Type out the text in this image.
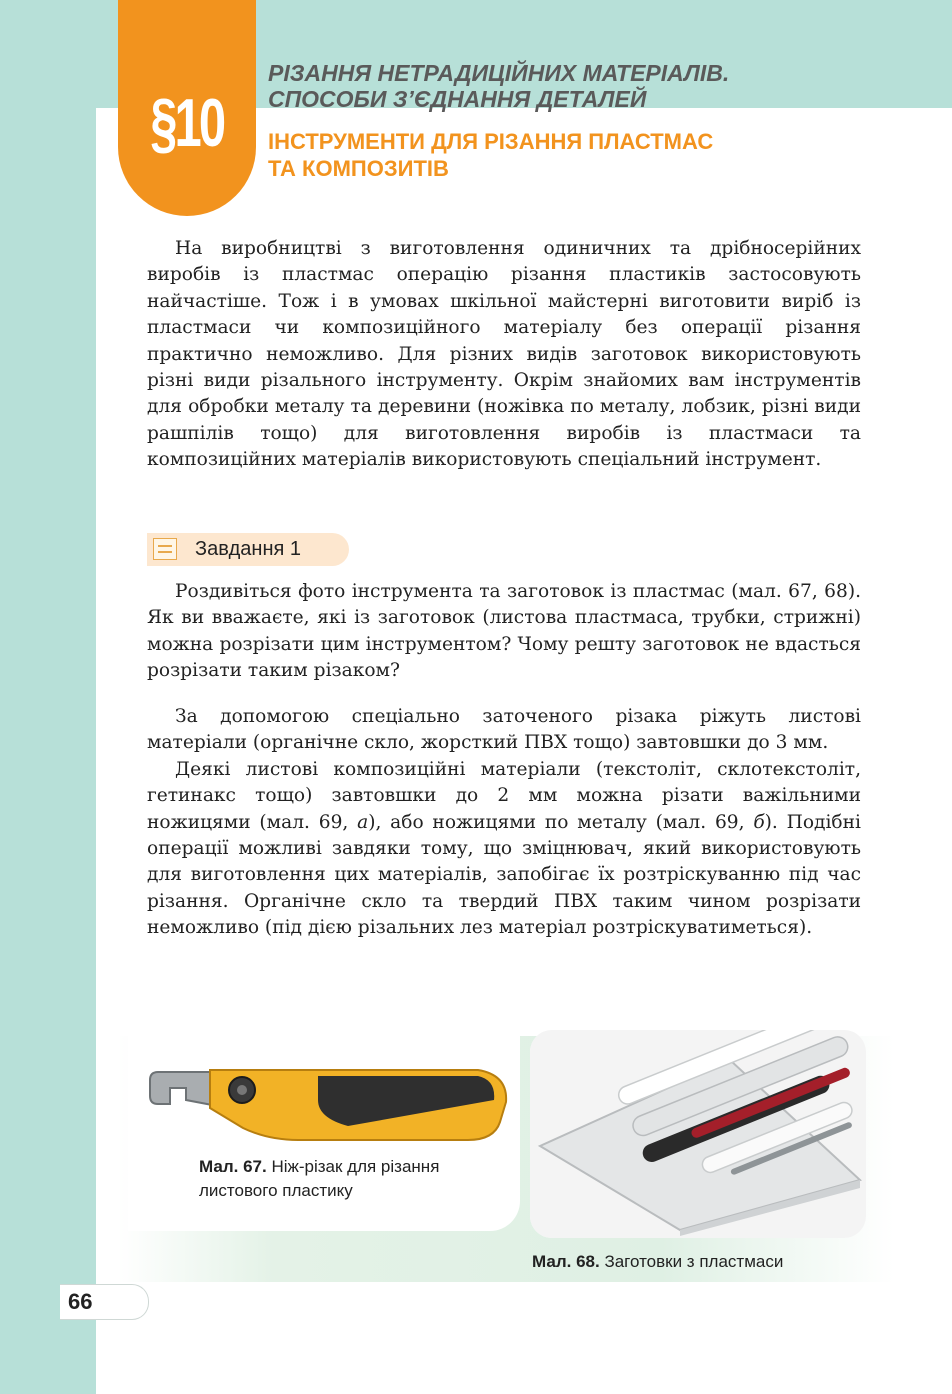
§10
РІЗАННЯ НЕТРАДИЦІЙНИХ МАТЕРІАЛІВ.
СПОСОБИ З’ЄДНАННЯ ДЕТАЛЕЙ
ІНСТРУМЕНТИ ДЛЯ РІЗАННЯ ПЛАСТМАС
ТА КОМПОЗИТІВ

На виробництві з виготовлення одиничних та дрібносерійних виробів із пластмас операцію різання пластиків застосовують найчастіше. Тож і в умовах шкільної майстерні виготовити виріб із пластмаси чи композиційного матеріалу без операції різання практично неможливо. Для різних видів заготовок використовують різні види різального інструменту. Окрім знайомих вам інструментів для обробки металу та деревини (ножівка по металу, лобзик, різні види рашпілів тощо) для виготовлення виробів із пластмаси та композиційних матеріалів використовують спеціальний інструмент.

Завдання 1

Роздивіться фото інструмента та заготовок із пластмас (мал. 67, 68). Як ви вважаєте, які із заготовок (листова пластмаса, трубки, стрижні) можна розрізати цим інструментом? Чому решту заготовок не вдасться розрізати таким різаком?

За допомогою спеціально заточеного різака ріжуть листові матеріали (органічне скло, жорсткий ПВХ тощо) завтовшки до 3 мм.

Деякі листові композиційні матеріали (текстоліт, склотекстоліт, гетинакс тощо) завтовшки до 2 мм можна різати важільними ножицями (мал. 69, а), або ножицями по металу (мал. 69, б). Подібні операції можливі завдяки тому, що зміцнювач, який використовують для виготовлення цих матеріалів, запобігає їх розтріскуванню під час різання. Органічне скло та твердий ПВХ таким чином розрізати неможливо (під дією різальних лез матеріал розтріскуватиметься).

Мал. 67. Ніж-різак для різання листового пластику

Мал. 68. Заготовки з пластмаси

66
